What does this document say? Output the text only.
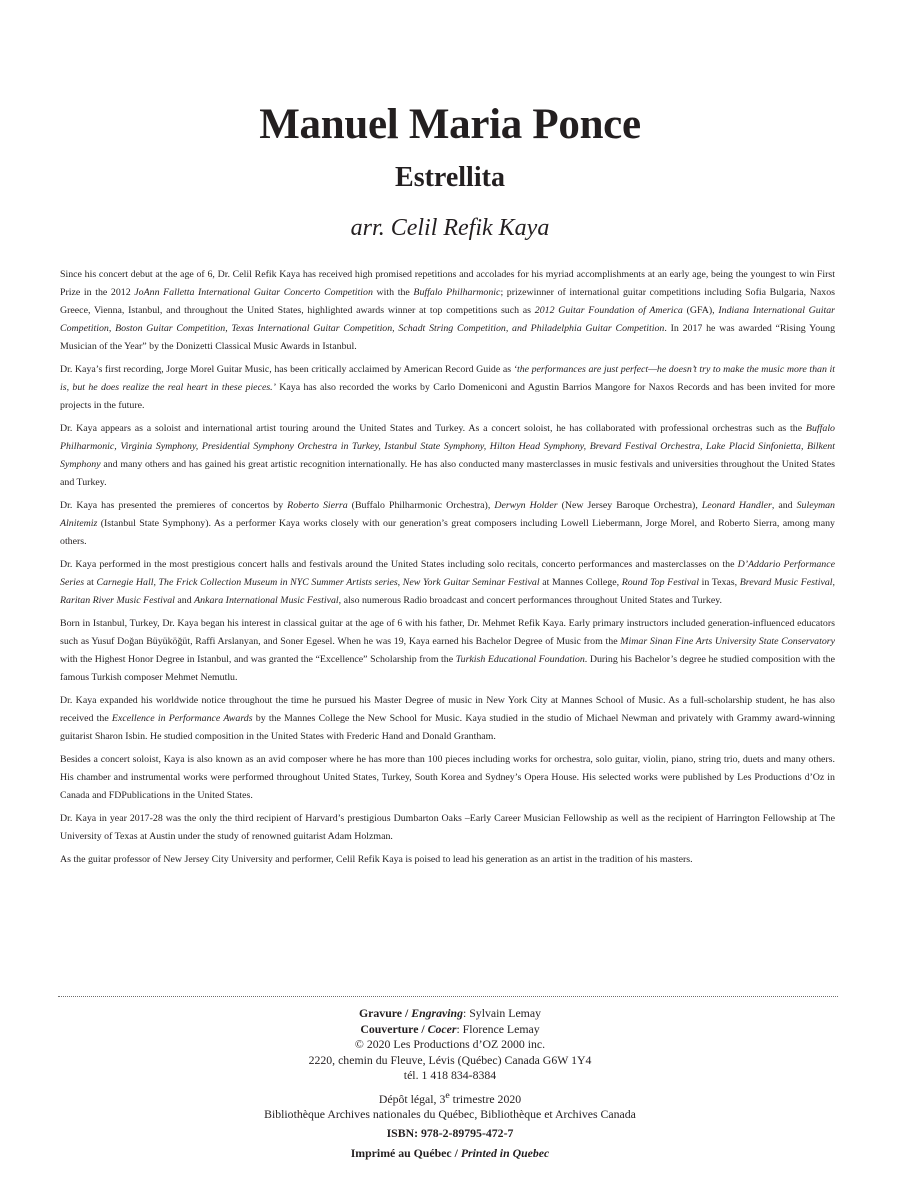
Manuel Maria Ponce
Estrellita
arr. Celil Refik Kaya

Since his concert debut at the age of 6, Dr. Celil Refik Kaya has received high promised repetitions and accolades for his myriad accomplishments at an early age, being the youngest to win First Prize in the 2012 JoAnn Falletta International Guitar Concerto Competition with the Buffalo Philharmonic; prizewinner of international guitar competitions including Sofia Bulgaria, Naxos Greece, Vienna, Istanbul, and throughout the United States, highlighted awards winner at top competitions such as 2012 Guitar Foundation of America (GFA), Indiana International Guitar Competition, Boston Guitar Competition, Texas International Guitar Competition, Schadt String Competition, and Philadelphia Guitar Competition. In 2017 he was awarded “Rising Young Musician of the Year” by the Donizetti Classical Music Awards in Istanbul.

Dr. Kaya’s first recording, Jorge Morel Guitar Music, has been critically acclaimed by American Record Guide as ‘the performances are just perfect—he doesn’t try to make the music more than it is, but he does realize the real heart in these pieces.’ Kaya has also recorded the works by Carlo Domeniconi and Agustin Barrios Mangore for Naxos Records and has been invited for more projects in the future.

Dr. Kaya appears as a soloist and international artist touring around the United States and Turkey. As a concert soloist, he has collaborated with professional orchestras such as the Buffalo Philharmonic, Virginia Symphony, Presidential Symphony Orchestra in Turkey, Istanbul State Symphony, Hilton Head Symphony, Brevard Festival Orchestra, Lake Placid Sinfonietta, Bilkent Symphony and many others and has gained his great artistic recognition internationally. He has also conducted many masterclasses in music festivals and universities throughout the United States and Turkey.

Dr. Kaya has presented the premieres of concertos by Roberto Sierra (Buffalo Philharmonic Orchestra), Derwyn Holder (New Jersey Baroque Orchestra), Leonard Handler, and Suleyman Alnitemiz (Istanbul State Symphony). As a performer Kaya works closely with our generation’s great composers including Lowell Liebermann, Jorge Morel, and Roberto Sierra, among many others.

Dr. Kaya performed in the most prestigious concert halls and festivals around the United States including solo recitals, concerto performances and masterclasses on the D’Addario Performance Series at Carnegie Hall, The Frick Collection Museum in NYC Summer Artists series, New York Guitar Seminar Festival at Mannes College, Round Top Festival in Texas, Brevard Music Festival, Raritan River Music Festival and Ankara International Music Festival, also numerous Radio broadcast and concert performances throughout United States and Turkey.

Born in Istanbul, Turkey, Dr. Kaya began his interest in classical guitar at the age of 6 with his father, Dr. Mehmet Refik Kaya. Early primary instructors included generation-influenced educators such as Yusuf Doğan Büyüköğüt, Raffi Arslanyan, and Soner Egesel. When he was 19, Kaya earned his Bachelor Degree of Music from the Mimar Sinan Fine Arts University State Conservatory with the Highest Honor Degree in Istanbul, and was granted the “Excellence” Scholarship from the Turkish Educational Foundation. During his Bachelor’s degree he studied composition with the famous Turkish composer Mehmet Nemutlu.

Dr. Kaya expanded his worldwide notice throughout the time he pursued his Master Degree of music in New York City at Mannes School of Music. As a full-scholarship student, he has also received the Excellence in Performance Awards by the Mannes College the New School for Music. Kaya studied in the studio of Michael Newman and privately with Grammy award-winning guitarist Sharon Isbin. He studied composition in the United States with Frederic Hand and Donald Grantham.

Besides a concert soloist, Kaya is also known as an avid composer where he has more than 100 pieces including works for orchestra, solo guitar, violin, piano, string trio, duets and many others. His chamber and instrumental works were performed throughout United States, Turkey, South Korea and Sydney’s Opera House. His selected works were published by Les Productions d’Oz in Canada and FDPublications in the United States.

Dr. Kaya in year 2017-28 was the only the third recipient of Harvard’s prestigious Dumbarton Oaks –Early Career Musician Fellowship as well as the recipient of Harrington Fellowship at The University of Texas at Austin under the study of renowned guitarist Adam Holzman.

As the guitar professor of New Jersey City University and performer, Celil Refik Kaya is poised to lead his generation as an artist in the tradition of his masters.

Gravure / Engraving: Sylvain Lemay
Couverture / Cocer: Florence Lemay
© 2020 Les Productions d’OZ 2000 inc.
2220, chemin du Fleuve, Lévis (Québec) Canada G6W 1Y4
tél. 1 418 834-8384
Dépôt légal, 3e trimestre 2020
Bibliothèque Archives nationales du Québec, Bibliothèque et Archives Canada
ISBN: 978-2-89795-472-7
Imprimé au Québec / Printed in Quebec
